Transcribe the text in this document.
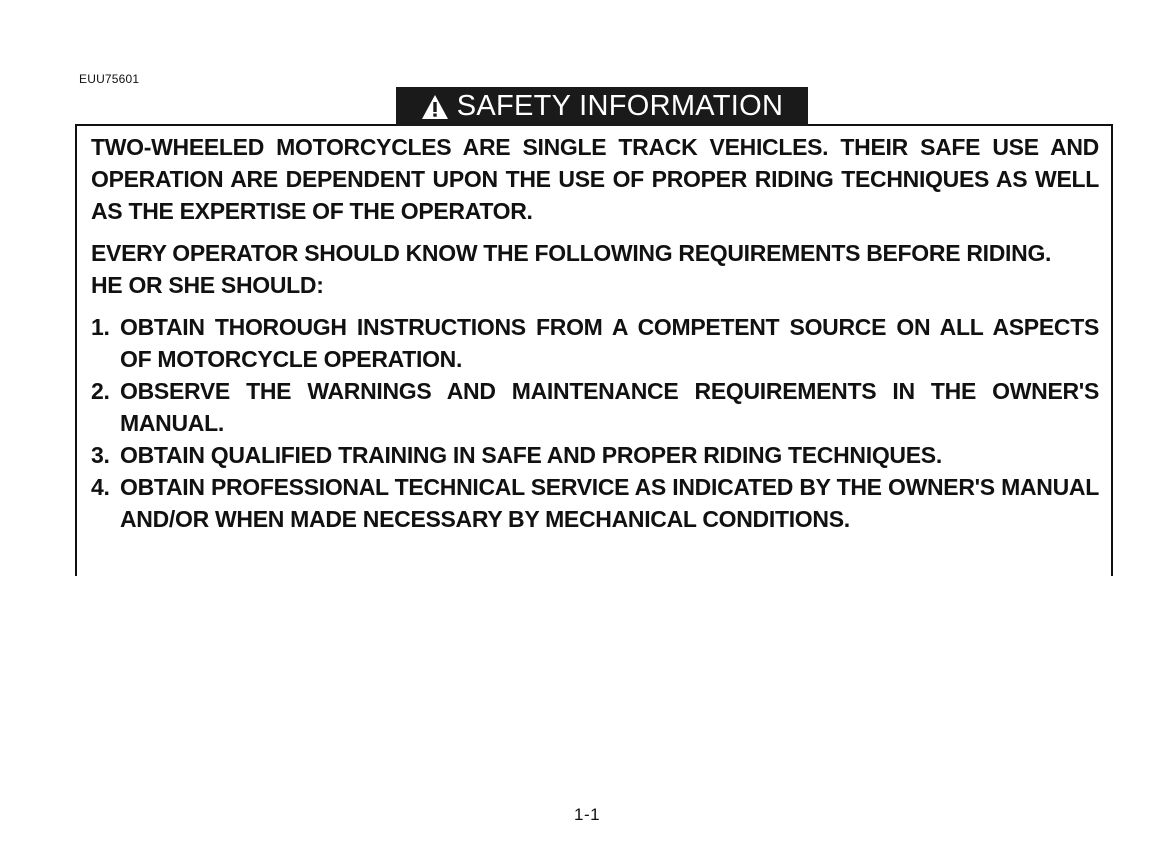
EUU75601
SAFETY INFORMATION

TWO-WHEELED MOTORCYCLES ARE SINGLE TRACK VEHICLES. THEIR SAFE USE AND OPERATION ARE DEPENDENT UPON THE USE OF PROPER RIDING TECHNIQUES AS WELL AS THE EXPERTISE OF THE OPERATOR.

EVERY OPERATOR SHOULD KNOW THE FOLLOWING REQUIREMENTS BEFORE RIDING.

HE OR SHE SHOULD:

1. OBTAIN THOROUGH INSTRUCTIONS FROM A COMPETENT SOURCE ON ALL ASPECTS OF MOTORCYCLE OPERATION.
2. OBSERVE THE WARNINGS AND MAINTENANCE REQUIREMENTS IN THE OWNER'S MANUAL.
3. OBTAIN QUALIFIED TRAINING IN SAFE AND PROPER RIDING TECHNIQUES.
4. OBTAIN PROFESSIONAL TECHNICAL SERVICE AS INDICATED BY THE OWNER'S MANUAL AND/OR WHEN MADE NECESSARY BY MECHANICAL CONDITIONS.
1-1
